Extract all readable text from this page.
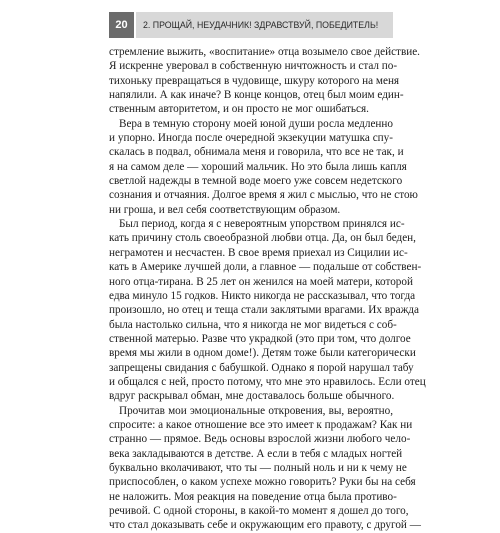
20	2. ПРОЩАЙ, НЕУДАЧНИК! ЗДРАВСТВУЙ, ПОБЕДИТЕЛЬ!
стремление выжить, «воспитание» отца возымело свое действие.
Я искренне уверовал в собственную ничтожность и стал по-
тихоньку превращаться в чудовище, шкуру которого на меня
напялили. А как иначе? В конце концов, отец был моим един-
ственным авторитетом, и он просто не мог ошибаться.
Вера в темную сторону моей юной души росла медленно
и упорно. Иногда после очередной экзекуции матушка спу-
скалась в подвал, обнимала меня и говорила, что все не так, и
я на самом деле — хороший мальчик. Но это была лишь капля
светлой надежды в темной воде моего уже совсем недетского
сознания и отчаяния. Долгое время я жил с мыслью, что не стою
ни гроша, и вел себя соответствующим образом.
Был период, когда я с невероятным упорством принялся ис-
кать причину столь своеобразной любви отца. Да, он был беден,
неграмотен и несчастен. В свое время приехал из Сицилии ис-
кать в Америке лучшей доли, а главное — подальше от собствен-
ного отца-тирана. В 25 лет он женился на моей матери, которой
едва минуло 15 годков. Никто никогда не рассказывал, что тогда
произошло, но отец и теща стали заклятыми врагами. Их вражда
была настолько сильна, что я никогда не мог видеться с соб-
ственной матерью. Разве что украдкой (это при том, что долгое
время мы жили в одном доме!). Детям тоже были категорически
запрещены свидания с бабушкой. Однако я порой нарушал табу
и общался с ней, просто потому, что мне это нравилось. Если отец
вдруг раскрывал обман, мне доставалось больше обычного.
Прочитав мои эмоциональные откровения, вы, вероятно,
спросите: а какое отношение все это имеет к продажам? Как ни
странно — прямое. Ведь основы взрослой жизни любого чело-
века закладываются в детстве. А если в тебя с младых ногтей
буквально вколачивают, что ты — полный ноль и ни к чему не
приспособлен, о каком успехе можно говорить? Руки бы на себя
не наложить. Моя реакция на поведение отца была противо-
речивой. С одной стороны, в какой-то момент я дошел до того,
что стал доказывать себе и окружающим его правоту, с другой —
